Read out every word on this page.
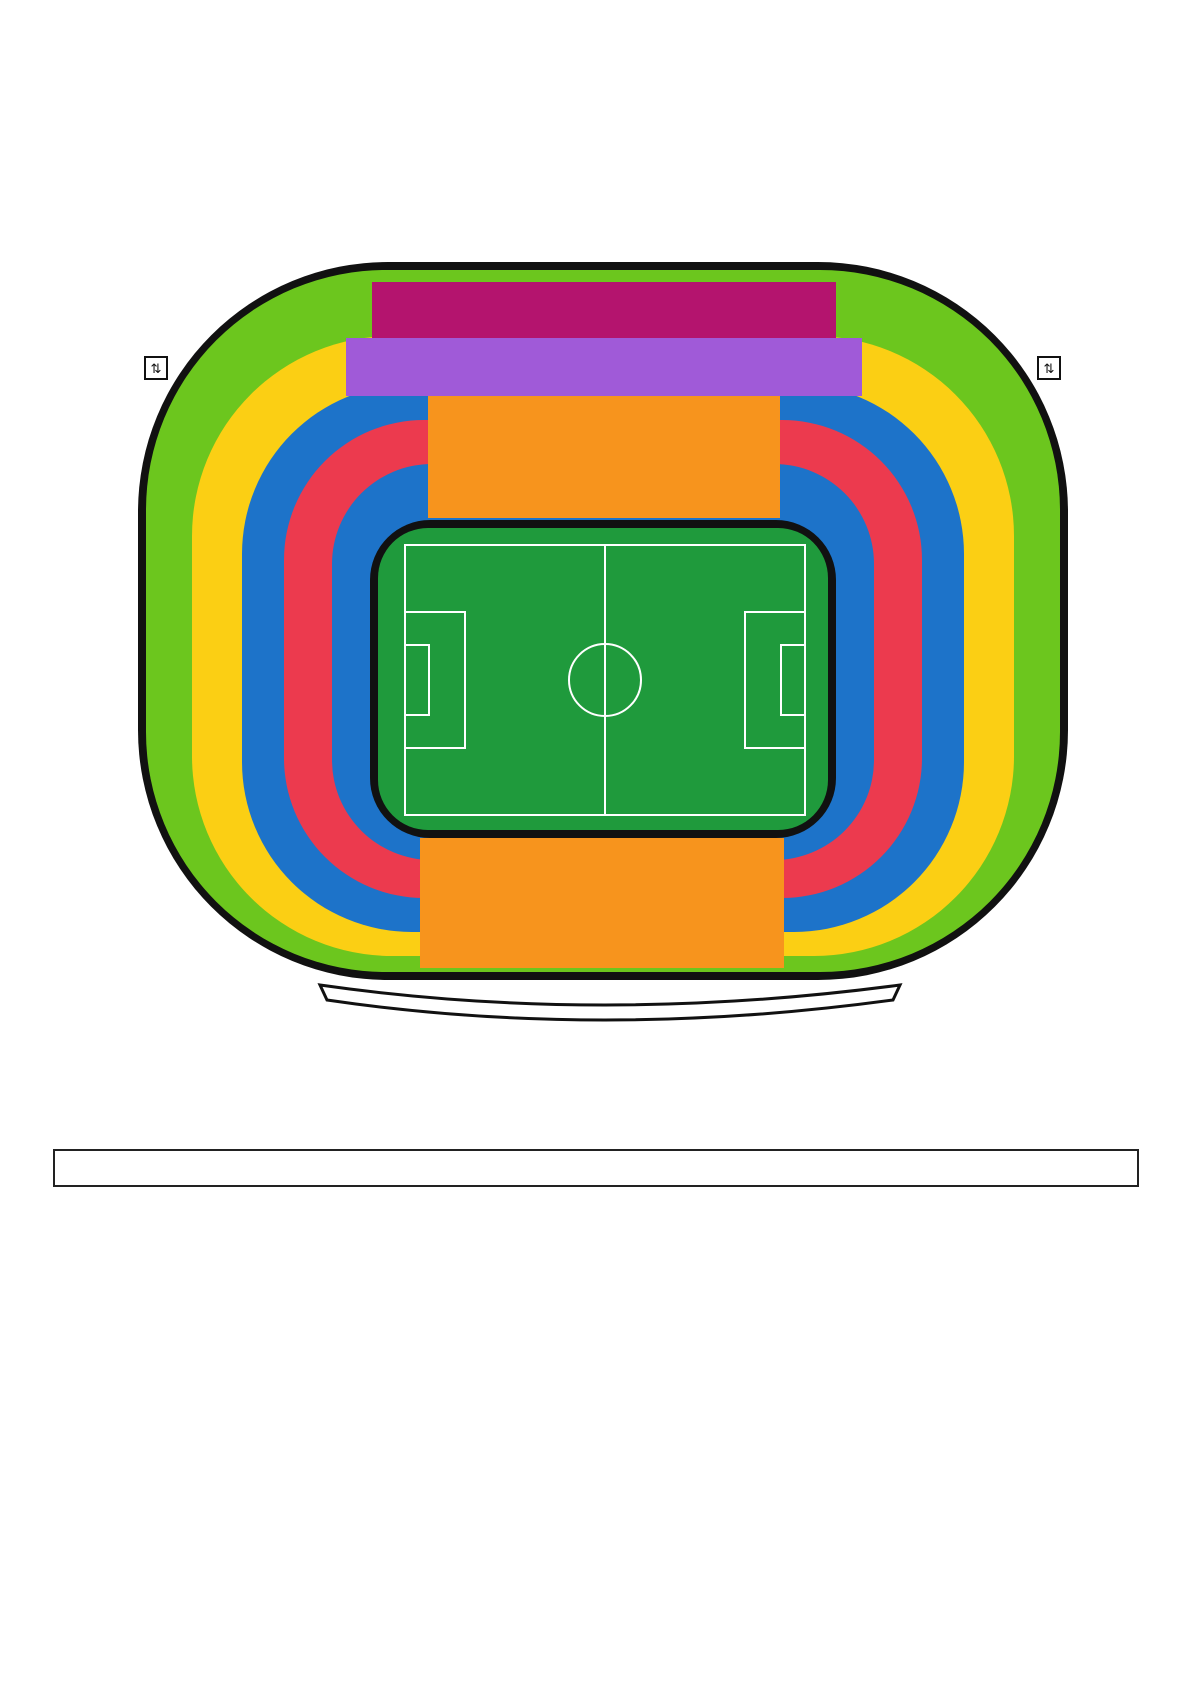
⇅	⇅
